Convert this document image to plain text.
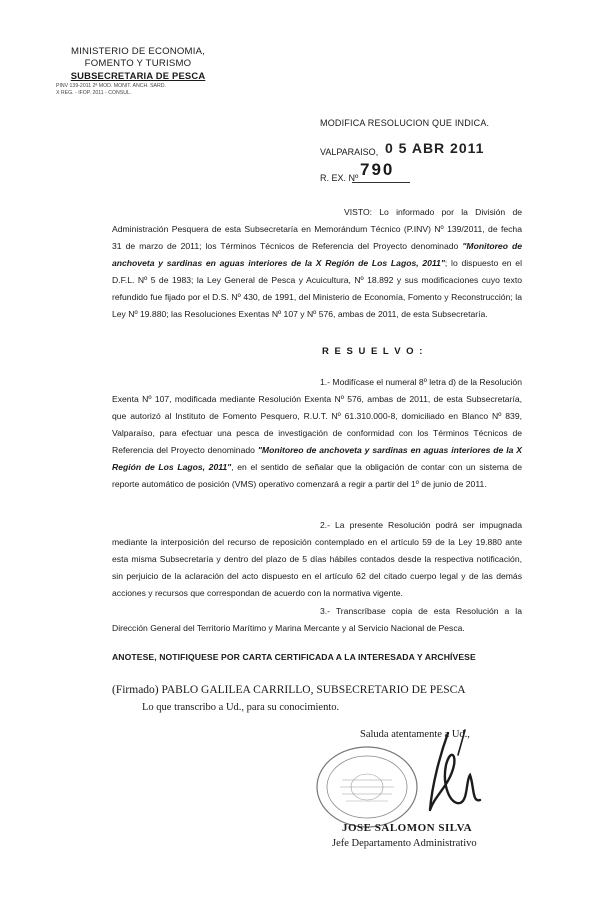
MINISTERIO DE ECONOMIA,
FOMENTO Y TURISMO
SUBSECRETARIA DE PESCA
PINV 139-2011 2ª MOD. MONIT. ANCH. SARD.
X REG. - IFOP. 2011 - CONSUL.
MODIFICA RESOLUCION QUE INDICA.
VALPARAISO, 0 5 ABR 2011
R. EX. Nº 790
VISTO: Lo informado por la División de Administración Pesquera de esta Subsecretaría en Memorándum Técnico (P.INV) Nº 139/2011, de fecha 31 de marzo de 2011; los Términos Técnicos de Referencia del Proyecto denominado "Monitoreo de anchoveta y sardinas en aguas interiores de la X Región de Los Lagos, 2011"; lo dispuesto en el D.F.L. Nº 5 de 1983; la Ley General de Pesca y Acuicultura, Nº 18.892 y sus modificaciones cuyo texto refundido fue fijado por el D.S. Nº 430, de 1991, del Ministerio de Economía, Fomento y Reconstrucción; la Ley Nº 19.880; las Resoluciones Exentas Nº 107 y Nº 576, ambas de 2011, de esta Subsecretaría.
R E S U E L V O :
1.- Modifícase el numeral 8º letra d) de la Resolución Exenta Nº 107, modificada mediante Resolución Exenta Nº 576, ambas de 2011, de esta Subsecretaría, que autorizó al Instituto de Fomento Pesquero, R.U.T. Nº 61.310.000-8, domiciliado en Blanco Nº 839, Valparaíso, para efectuar una pesca de investigación de conformidad con los Términos Técnicos de Referencia del Proyecto denominado "Monitoreo de anchoveta y sardinas en aguas interiores de la X Región de Los Lagos, 2011", en el sentido de señalar que la obligación de contar con un sistema de reporte automático de posición (VMS) operativo comenzará a regir a partir del 1º de junio de 2011.
2.- La presente Resolución podrá ser impugnada mediante la interposición del recurso de reposición contemplado en el artículo 59 de la Ley 19.880 ante esta misma Subsecretaría y dentro del plazo de 5 días hábiles contados desde la respectiva notificación, sin perjuicio de la aclaración del acto dispuesto en el artículo 62 del citado cuerpo legal y de las demás acciones y recursos que correspondan de acuerdo con la normativa vigente.
3.- Transcríbase copia de esta Resolución a la Dirección General del Territorio Marítimo y Marina Mercante y al Servicio Nacional de Pesca.
ANOTESE, NOTIFIQUESE POR CARTA CERTIFICADA A LA INTERESADA Y ARCHÍVESE
(Firmado) PABLO GALILEA CARRILLO, SUBSECRETARIO DE PESCA
Lo que transcribo a Ud., para su conocimiento.
Saluda atentamente a Ud.,
JOSE SALOMON SILVA
Jefe Departamento Administrativo
